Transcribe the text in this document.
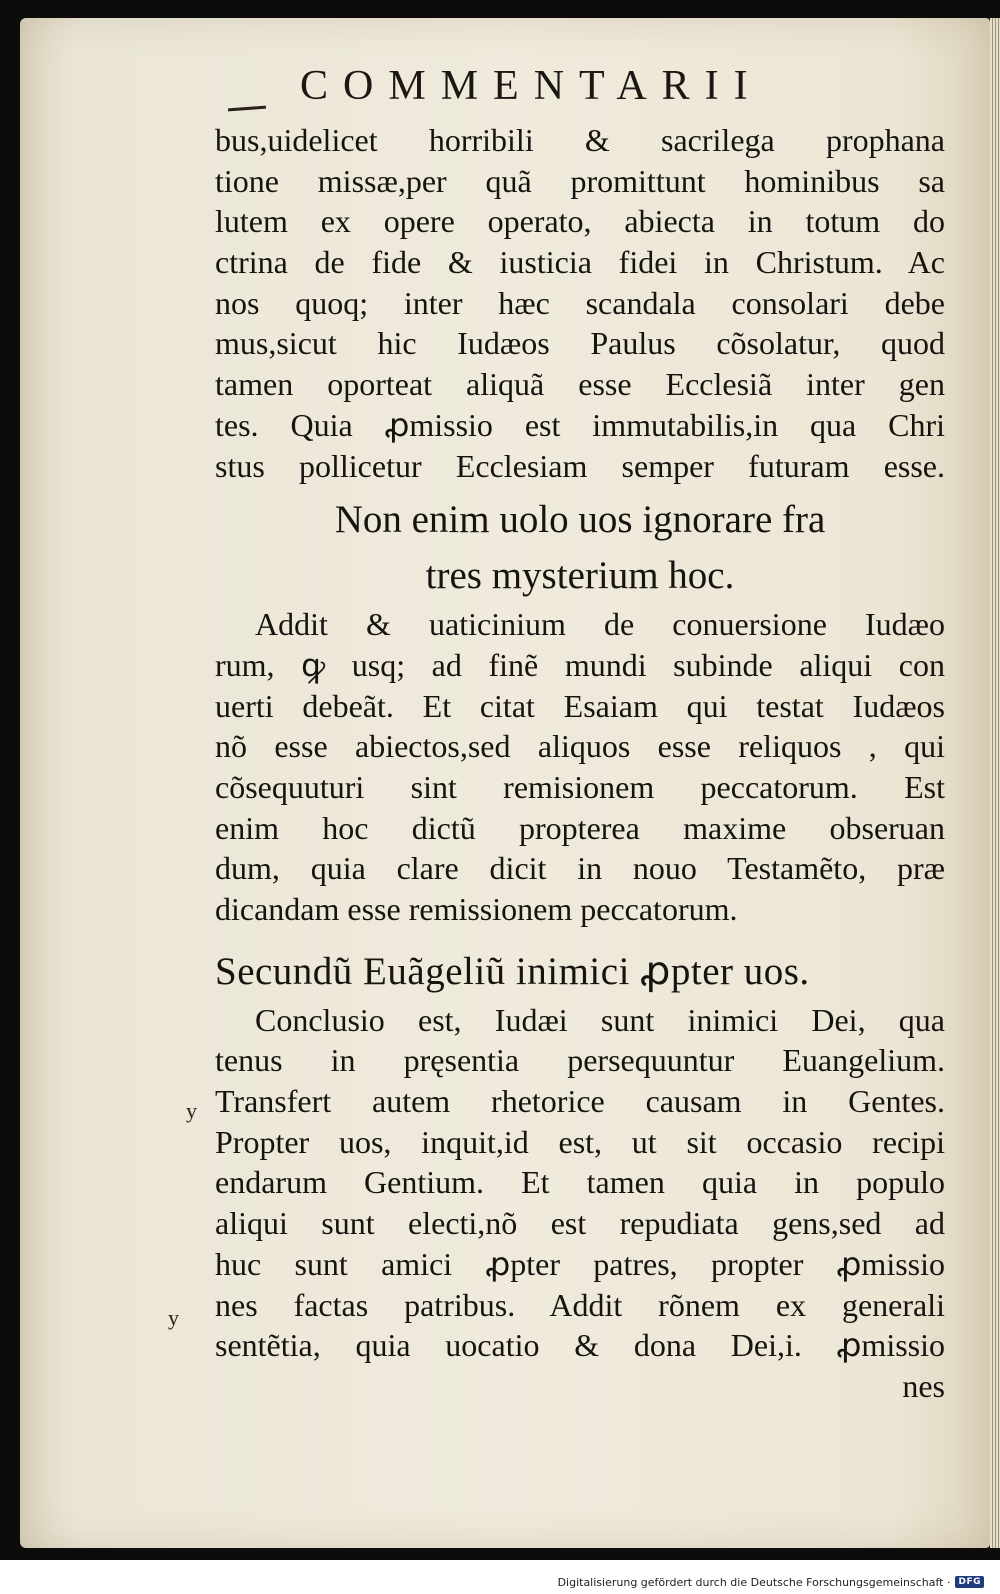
COMMENTARII
bus,uidelicet horribili & sacrilega prophana
tione missæ,per quã promittunt hominibus sa
lutem ex opere operato, abiecta in totum do
ctrina de fide & iusticia fidei in Christum. Ac
nos quoq; inter hæc scandala consolari debe
mus,sicut hic Iudæos Paulus cõsolatur, quod
tamen oporteat aliquã esse Ecclesiã inter gen
tes. Quia ꝓmissio est immutabilis,in qua Chri
stus pollicetur Ecclesiam semper futuram esse.
Non enim uolo uos ignorare fra
tres mysterium hoc.
Addit & uaticinium de conuersione Iudæo
rum, ꝙ usq; ad finẽ mundi subinde aliqui con
uerti debeãt. Et citat Esaiam qui testat Iudæos
nõ esse abiectos,sed aliquos esse reliquos , qui
cõsequuturi sint remisionem peccatorum. Est
enim hoc dictũ propterea maxime obseruan
dum, quia clare dicit in nouo Testamẽto, præ
dicandam esse remissionem peccatorum.
Secundũ Euãgeliũ inimici ꝓpter uos.
Conclusio est, Iudæi sunt inimici Dei, qua
tenus in pręsentia persequuntur Euangelium.
Transfert autem rhetorice causam in Gentes.
Propter uos, inquit,id est, ut sit occasio recipi
endarum Gentium. Et tamen quia in populo
aliqui sunt electi,nõ est repudiata gens,sed ad
huc sunt amici ꝓpter patres, propter ꝓmissio
nes factas patribus. Addit rõnem ex generali
sentẽtia, quia uocatio & dona Dei,i. ꝓmissio
nes
y
y
Digitalisierung gefördert durch die Deutsche Forschungsgemeinschaft · DFG
